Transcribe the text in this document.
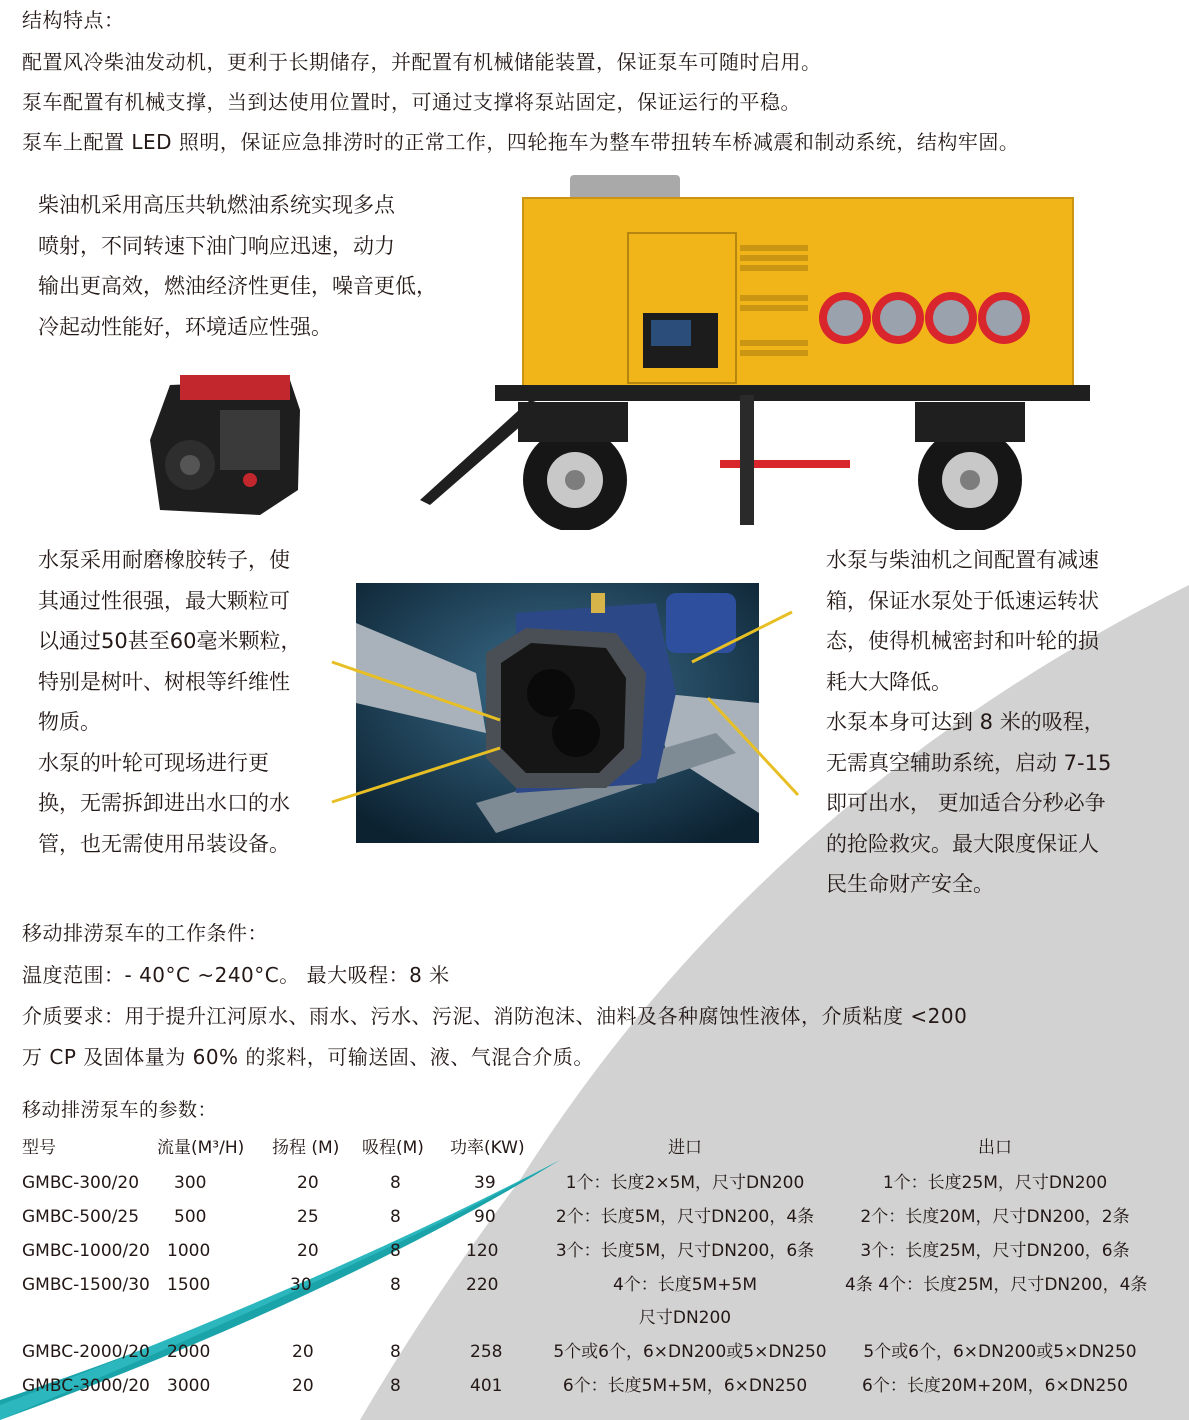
结构特点：
配置风冷柴油发动机，更利于长期储存，并配置有机械储能装置，保证泵车可随时启用。
泵车配置有机械支撑，当到达使用位置时，可通过支撑将泵站固定，保证运行的平稳。
泵车上配置 LED 照明，保证应急排涝时的正常工作，四轮拖车为整车带扭转车桥减震和制动系统，结构牢固。
柴油机采用高压共轨燃油系统实现多点
喷射，不同转速下油门响应迅速，动力
输出更高效，燃油经济性更佳，噪音更低，
冷起动性能好，环境适应性强。
水泵采用耐磨橡胶转子，使
其通过性很强，最大颗粒可
以通过50甚至60毫米颗粒，
特别是树叶、树根等纤维性
物质。
水泵的叶轮可现场进行更
换，无需拆卸进出水口的水
管，也无需使用吊装设备。
水泵与柴油机之间配置有减速
箱，保证水泵处于低速运转状
态，使得机械密封和叶轮的损
耗大大降低。
水泵本身可达到 8 米的吸程，
无需真空辅助系统，启动 7-15
即可出水， 更加适合分秒必争
的抢险救灾。最大限度保证人
民生命财产安全。
移动排涝泵车的工作条件：
温度范围：- 40°C ~240°C。 最大吸程：8 米
介质要求：用于提升江河原水、雨水、污水、污泥、消防泡沫、油料及各种腐蚀性液体，介质粘度 <200
万 CP 及固体量为 60% 的浆料，可输送固、液、气混合介质。
移动排涝泵车的参数：
型号	流量(M³/H) 扬程 (M) 吸程(M) 功率(KW)	进口	出口
GMBC-300/20 300	20	8	39	1个：长度2×5M，尺寸DN200	1个：长度25M，尺寸DN200
GMBC-500/25 500	25	8	90	2个：长度5M，尺寸DN200，4条	2个：长度20M，尺寸DN200，2条
GMBC-1000/20 1000	20	8	120	3个：长度5M，尺寸DN200，6条	3个：长度25M，尺寸DN200，6条
GMBC-1500/30 1500	30	8	220	4个：长度5M+5M	4条 4个：长度25M，尺寸DN200，4条
尺寸DN200
GMBC-2000/20 2000	20	8	258	5个或6个，6×DN200或5×DN250	5个或6个，6×DN200或5×DN250
GMBC-3000/20 3000	20	8	401	6个：长度5M+5M，6×DN250	6个：长度20M+20M，6×DN250
